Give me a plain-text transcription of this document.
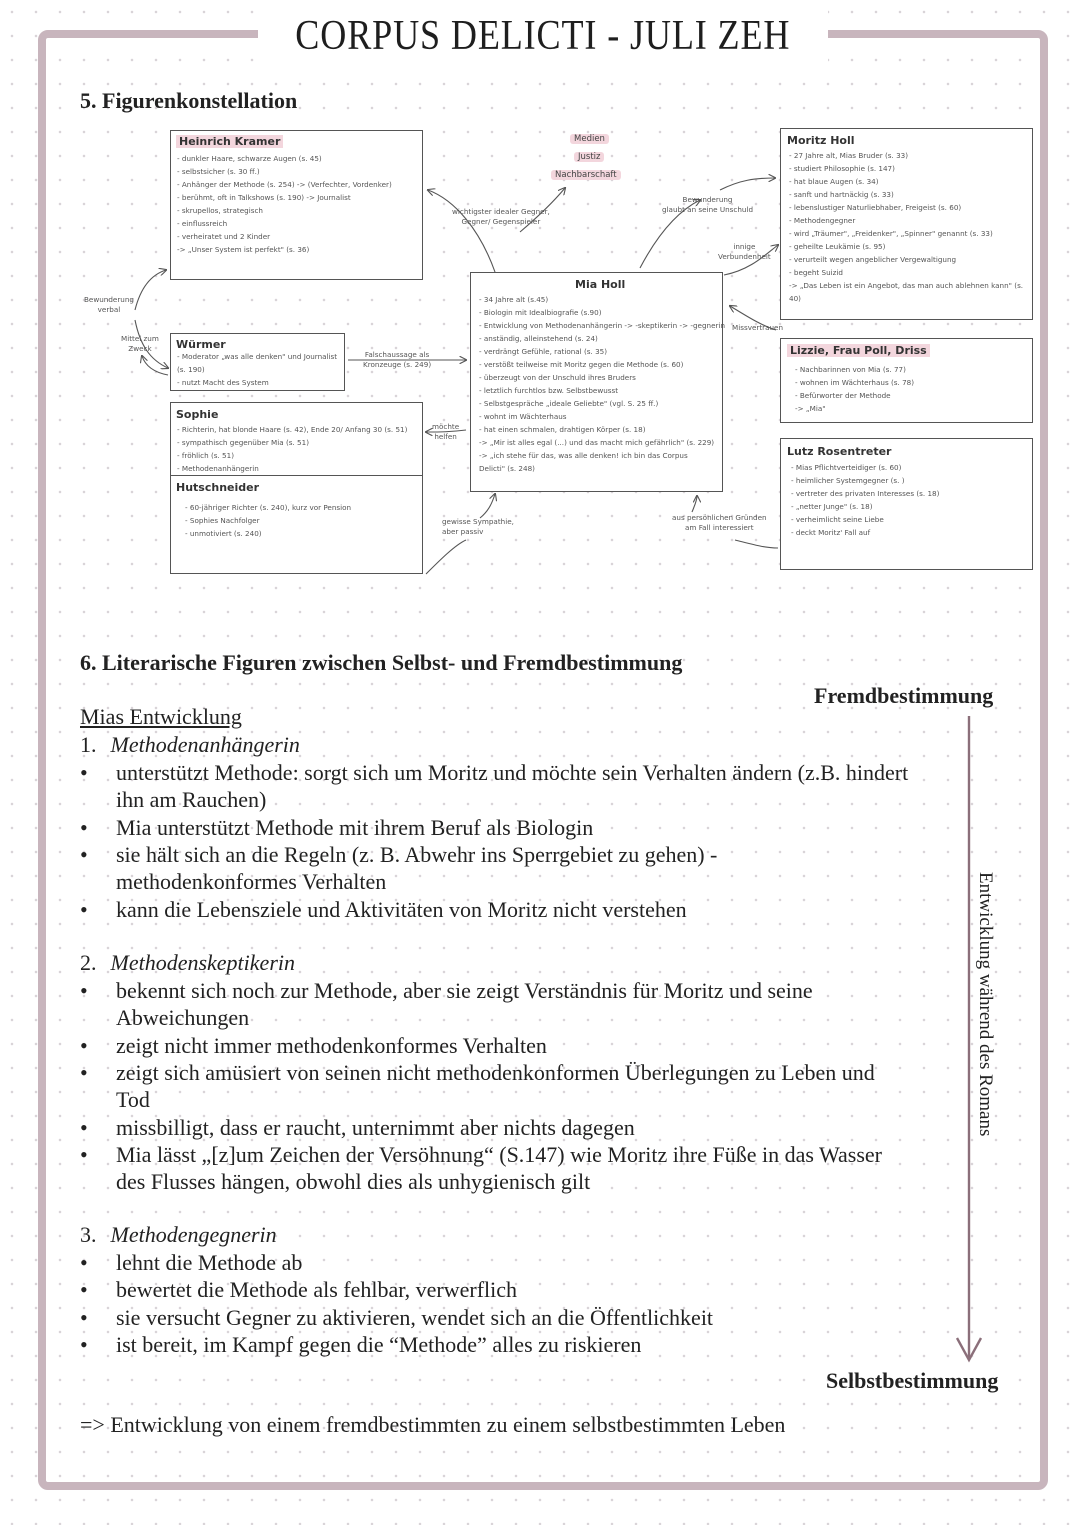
CORPUS DELICTI - JULI ZEH
5. Figurenkonstellation
Medien
Justiz
Nachbarschaft
Heinrich Kramer
- dunkler Haare, schwarze Augen (s. 45)
- selbstsicher (s. 30 ff.)
- Anhänger der Methode (s. 254) -> (Verfechter, Vordenker)
- berühmt, oft in Talkshows (s. 190) -> Journalist
- skrupellos, strategisch
- einflussreich
- verheiratet und 2 Kinder
-> „Unser System ist perfekt" (s. 36)
Würmer
- Moderator „was alle denken" und Journalist
(s. 190)
- nutzt Macht des System
Sophie
- Richterin, hat blonde Haare (s. 42), Ende 20/ Anfang 30 (s. 51)
- sympathisch gegenüber Mia (s. 51)
- fröhlich (s. 51)
- Methodenanhängerin
Hutschneider
- 60-jähriger Richter (s. 240), kurz vor Pension
- Sophies Nachfolger
- unmotiviert (s. 240)
Mia Holl
- 34 Jahre alt (s.45)
- Biologin mit Idealbiografie (s.90)
- Entwicklung von Methodenanhängerin -> -skeptikerin -> -gegnerin
- anständig, alleinstehend (s. 24)
- verdrängt Gefühle, rational (s. 35)
- verstößt teilweise mit Moritz gegen die Methode (s. 60)
- überzeugt von der Unschuld ihres Bruders
- letztlich furchtlos bzw. Selbstbewusst
- Selbstgespräche „ideale Geliebte" (vgl. S. 25 ff.)
- wohnt im Wächterhaus
- hat einen schmalen, drahtigen Körper (s. 18)
-> „Mir ist alles egal (...) und das macht mich gefährlich" (s. 229)
-> „ich stehe für das, was alle denken! ich bin das Corpus
Delicti" (s. 248)
Moritz Holl
- 27 Jahre alt, Mias Bruder (s. 33)
- studiert Philosophie (s. 147)
- hat blaue Augen (s. 34)
- sanft und hartnäckig (s. 33)
- lebenslustiger Naturliebhaber, Freigeist (s. 60)
- Methodengegner
- wird „Träumer", „Freidenker", „Spinner" genannt (s. 33)
- geheilte Leukämie (s. 95)
- verurteilt wegen angeblicher Vergewaltigung
- begeht Suizid
-> „Das Leben ist ein Angebot, das man auch ablehnen kann" (s.
40)
Lizzie, Frau Poll, Driss
- Nachbarinnen von Mia (s. 77)
- wohnen im Wächterhaus (s. 78)
- Befürworter der Methode
-> „Mia"
Lutz Rosentreter
- Mias Pflichtverteidiger (s. 60)
- heimlicher Systemgegner (s. )
- vertreter des privaten Interesses (s. 18)
- „netter Junge" (s. 18)
- verheimlicht seine Liebe
- deckt Moritz' Fall auf
Bewunderung
verbal
Mittel zum
Zweck
Falschaussage als
Kronzeuge (s. 249)
wichtigster idealer Gegner,
Gegner/ Gegenspieler
Bewunderung
glaubt an seine Unschuld
innige
Verbundenheit
Missvertrauen
möchte
helfen
gewisse Sympathie,
aber passiv
aus persönlichen Gründen
am Fall interessiert
6. Literarische Figuren zwischen Selbst- und Fremdbestimmung
Fremdbestimmung
Mias Entwicklung
Entwicklung während des Romans
1. Methodenanhängerin
• unterstützt Methode: sorgt sich um Moritz und möchte sein Verhalten ändern (z.B. hindert ihn am Rauchen)
• Mia unterstützt Methode mit ihrem Beruf als Biologin
• sie hält sich an die Regeln (z. B. Abwehr ins Sperrgebiet zu gehen) - methodenkonformes Verhalten
• kann die Lebensziele und Aktivitäten von Moritz nicht verstehen
2. Methodenskeptikerin
• bekennt sich noch zur Methode, aber sie zeigt Verständnis für Moritz und seine Abweichungen
• zeigt nicht immer methodenkonformes Verhalten
• zeigt sich amüsiert von seinen nicht methodenkonformen Überlegungen zu Leben und Tod
• missbilligt, dass er raucht, unternimmt aber nichts dagegen
• Mia lässt „[z]um Zeichen der Versöhnung“ (S.147) wie Moritz ihre Füße in das Wasser des Flusses hängen, obwohl dies als unhygienisch gilt
3. Methodengegnerin
• lehnt die Methode ab
• bewertet die Methode als fehlbar, verwerflich
• sie versucht Gegner zu aktivieren, wendet sich an die Öffentlichkeit
• ist bereit, im Kampf gegen die “Methode” alles zu riskieren
Selbstbestimmung
=> Entwicklung von einem fremdbestimmten zu einem selbstbestimmten Leben
